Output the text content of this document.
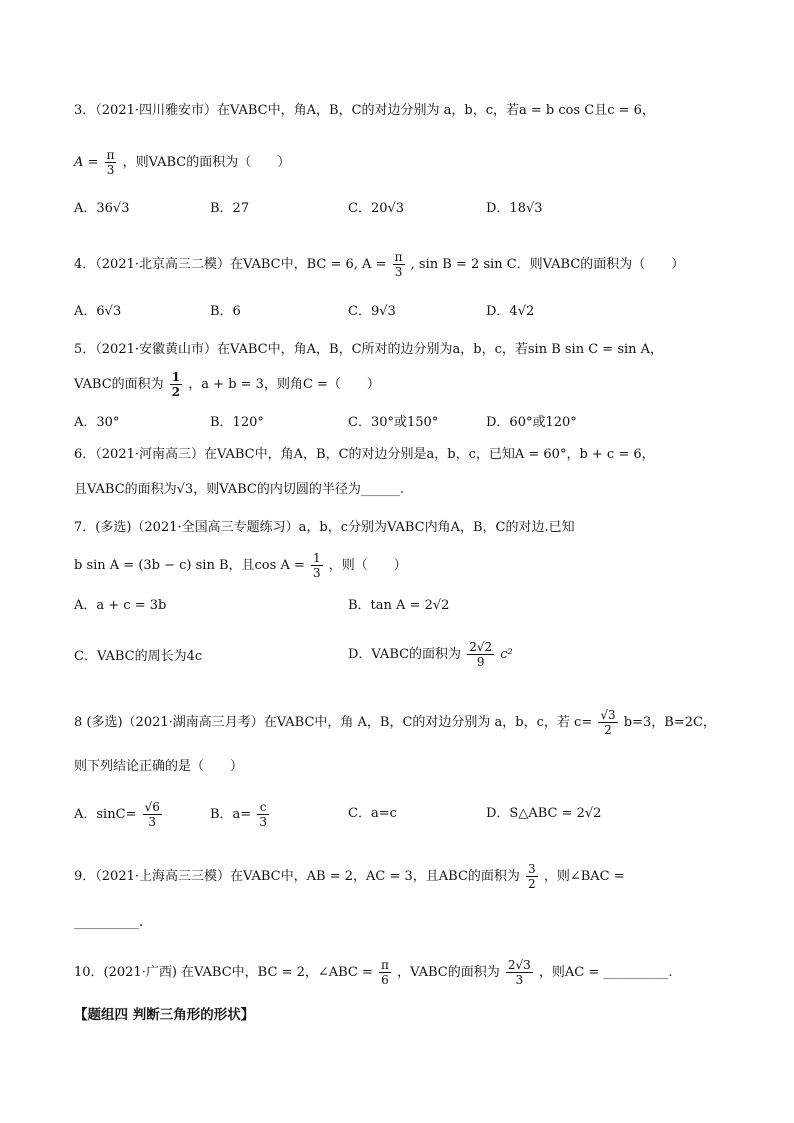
3．（2021·四川雅安市）在VABC中，角A，B，C的对边分别为 a，b，c，若a = b cos C且c = 6，
$A = \frac{\pi}{3}$ ，则VABC的面积为（　　）
A．36√3	B．27	C．20√3	D．18√3
4．（2021·北京高三二模）在VABC中，BC = 6, $A = \frac{\pi}{3}$ , sin B = 2 sin C．则VABC的面积为（　　）
A．6√3	B．6	C．9√3	D．4√2
5．（2021·安徽黄山市）在VABC中，角A，B，C所对的边分别为a，b，c，若sin B sin C = sin A，
VABC的面积为 $\frac{1}{2}$ ，a + b = 3，则角C =（　　）
A．30°	B．120°	C．30°或150°	D．60°或120°
6．（2021·河南高三）在VABC中，角A，B，C的对边分别是a，b，c，已知A = 60°，b + c = 6，
且VABC的面积为√3，则VABC的内切圆的半径为______.
7．(多选)（2021·全国高三专题练习）a，b，c分别为VABC内角A，B，C的对边.已知
b sin A = (3b − c) sin B，且$\cos A = \frac{1}{3}$ ，则（　　）
A．a + c = 3b	B．tan A = 2√2
C．VABC的周长为4c	D．VABC的面积为 $\frac{2√2}{9} c^2$
8 (多选)（2021·湖南高三月考）在VABC中，角 A，B，C的对边分别为 a，b，c，若 $c= \frac{√3}{2} b=3$，B=2C，
则下列结论正确的是（　　）
A．$\sin C= \frac{√6}{3}$	B．$a= \frac{c}{3}$	C．a=c	D．S△ABC = 2√2
9．（2021·上海高三三模）在VABC中，AB = 2，AC = 3，且ABC的面积为 $\frac{3}{2}$ ，则∠BAC =
__________.
10．(2021·广西) 在VABC中，BC = 2，∠ABC = $\frac{\pi}{6}$ ，VABC的面积为 $\frac{2√3}{3}$ ，则AC = __________.
【题组四 判断三角形的形状】
